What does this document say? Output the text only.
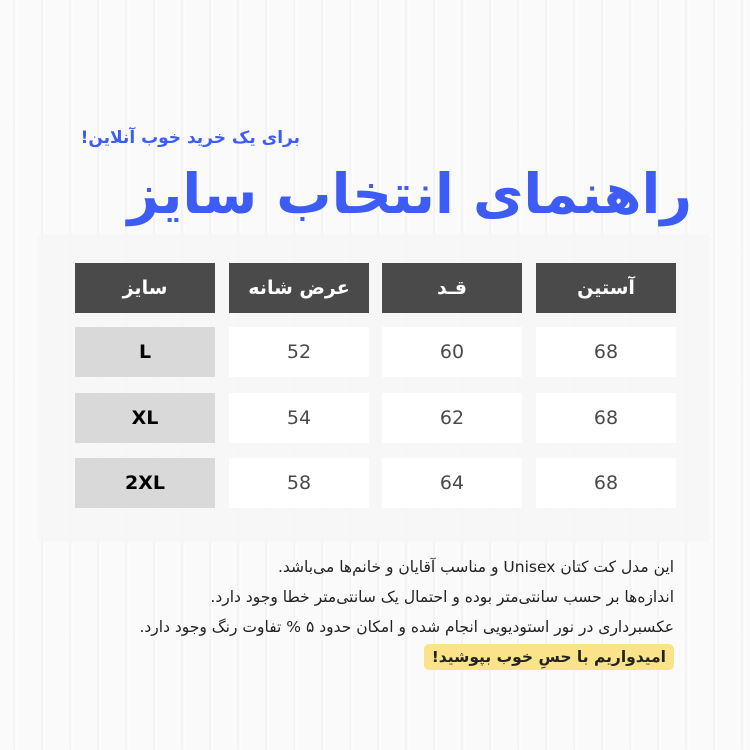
برای یک خرید خوب آنلاین!
راهنمای انتخاب سایز
سایز	عرض شانه	قـد	آستین
L	52	60	68
XL	54	62	68
2XL	58	64	68
این مدل کت کتان Unisex و مناسب آقایان و خانم‌ها می‌باشد.
اندازه‌ها بر حسب سانتی‌متر بوده و احتمال یک سانتی‌متر خطا وجود دارد.
عکسبرداری در نور استودیویی انجام شده و امکان حدود ۵ % تفاوت رنگ وجود دارد.
امیدواریم با حسِ خوب بپوشید!
